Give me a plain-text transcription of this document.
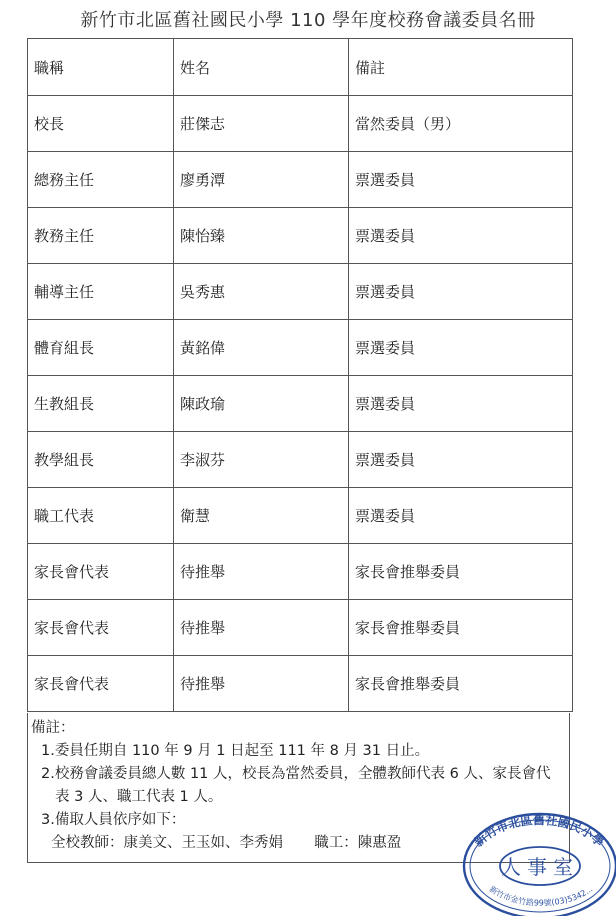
新竹市北區舊社國民小學 110 學年度校務會議委員名冊
職稱	姓名	備註
校長	莊傑志	當然委員（男）
總務主任	廖勇潭	票選委員
教務主任	陳怡臻	票選委員
輔導主任	吳秀惠	票選委員
體育組長	黃銘偉	票選委員
生教組長	陳政瑜	票選委員
教學組長	李淑芬	票選委員
職工代表	衛慧	票選委員
家長會代表	待推舉	家長會推舉委員
家長會代表	待推舉	家長會推舉委員
家長會代表	待推舉	家長會推舉委員
備註：
1.委員任期自 110 年 9 月 1 日起至 111 年 8 月 31 日止。
2.校務會議委員總人數 11 人，校長為當然委員，全體教師代表 6 人、家長會代
表 3 人、職工代表 1 人。
3.備取人員依序如下：
全校教師：康美文、王玉如、李秀娟 職工：陳惠盈	新竹市北區舊社國民小學
人事室
新竹市金竹路99號(03)5342...
